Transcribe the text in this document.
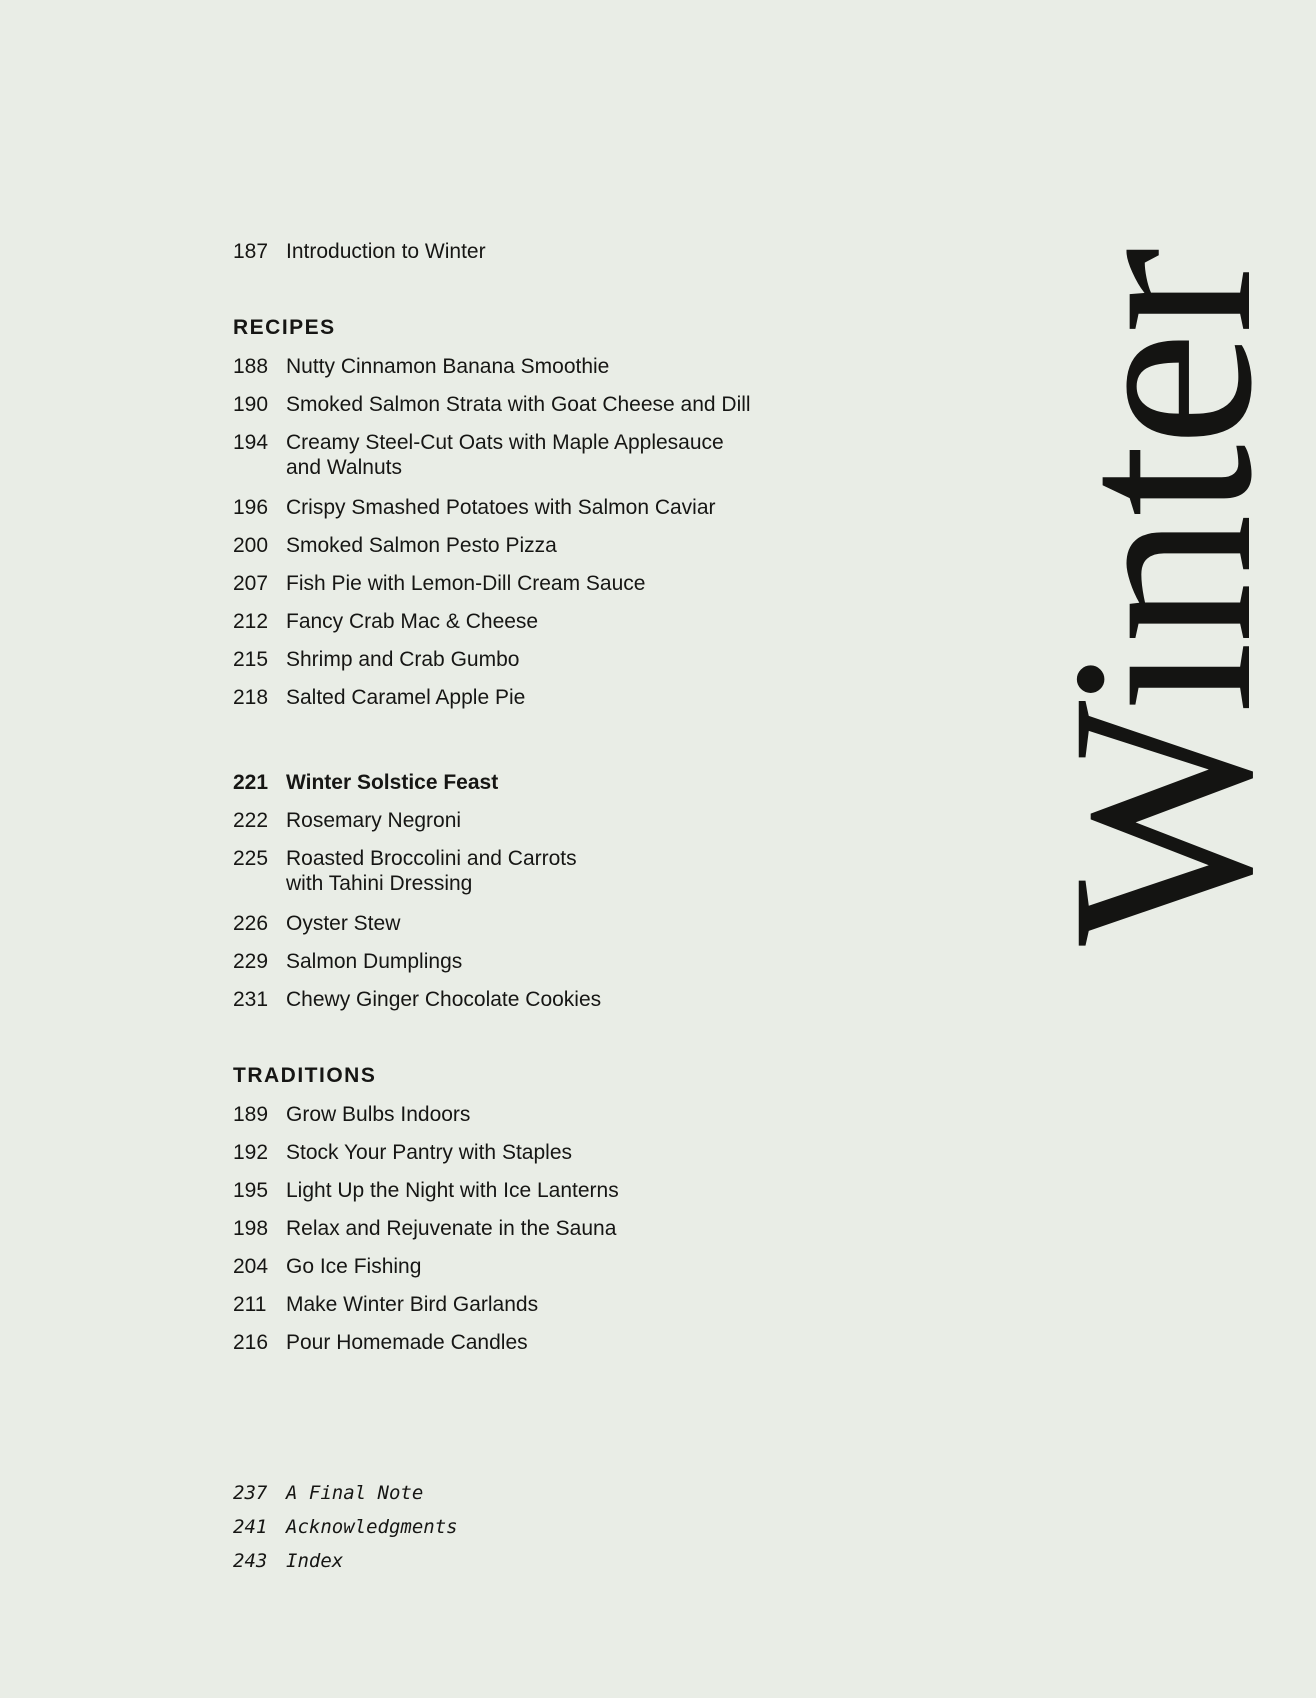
187 Introduction to Winter
RECIPES
188 Nutty Cinnamon Banana Smoothie
190 Smoked Salmon Strata with Goat Cheese and Dill
194 Creamy Steel-Cut Oats with Maple Applesauce
and Walnuts
196 Crispy Smashed Potatoes with Salmon Caviar
200 Smoked Salmon Pesto Pizza
207 Fish Pie with Lemon-Dill Cream Sauce
212 Fancy Crab Mac & Cheese
215 Shrimp and Crab Gumbo
218 Salted Caramel Apple Pie
221 Winter Solstice Feast
222 Rosemary Negroni
225 Roasted Broccolini and Carrots
with Tahini Dressing
226 Oyster Stew
229 Salmon Dumplings
231 Chewy Ginger Chocolate Cookies
TRADITIONS
189 Grow Bulbs Indoors
192 Stock Your Pantry with Staples
195 Light Up the Night with Ice Lanterns
198 Relax and Rejuvenate in the Sauna
204 Go Ice Fishing
211 Make Winter Bird Garlands
216 Pour Homemade Candles
237 A Final Note
241 Acknowledgments
243 Index
Winter
